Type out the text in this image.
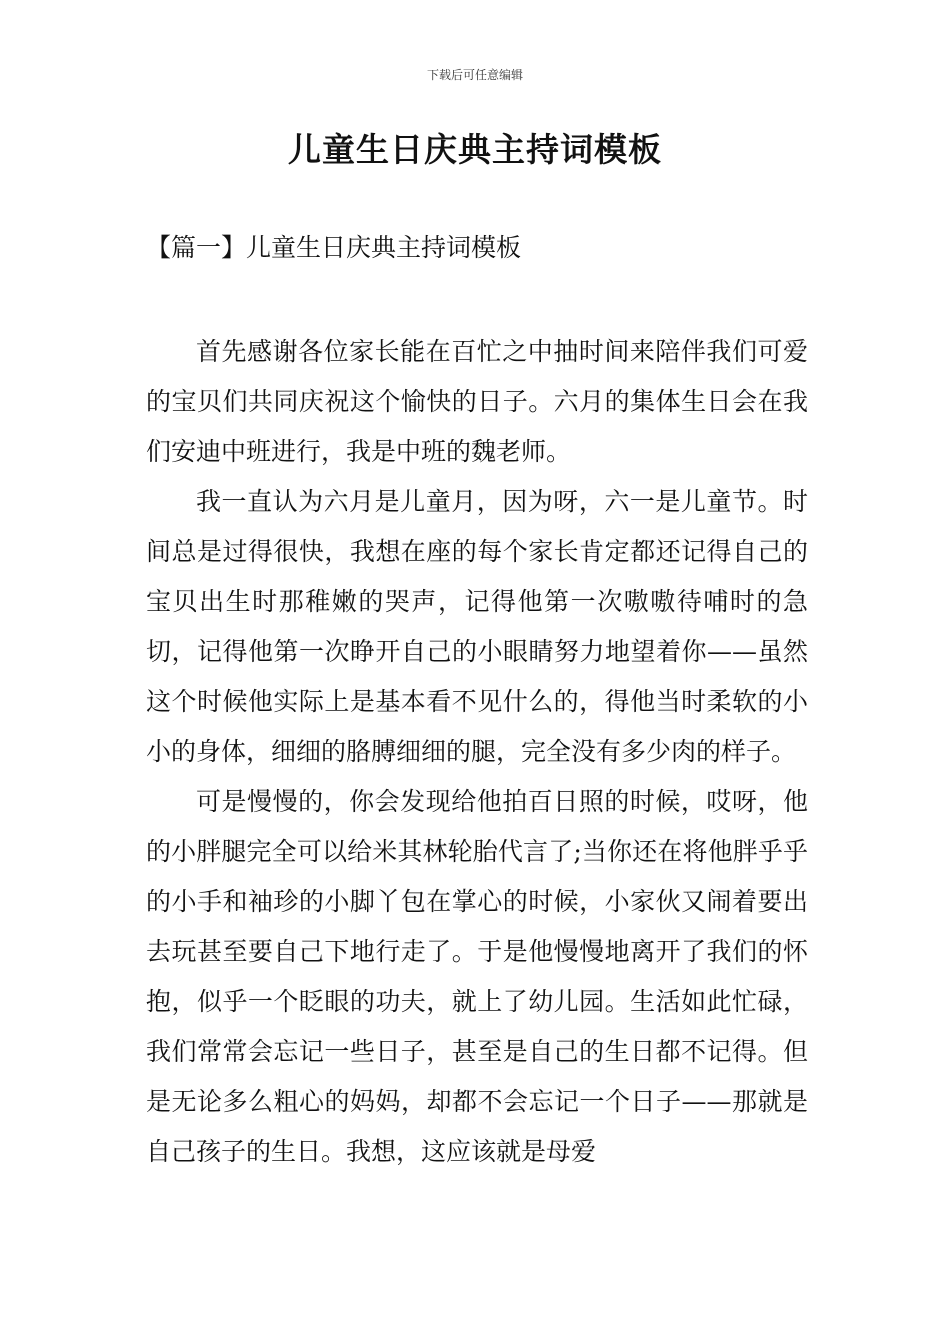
下载后可任意编辑
儿童生日庆典主持词模板
【篇一】儿童生日庆典主持词模板

首先感谢各位家长能在百忙之中抽时间来陪伴我们可爱的宝贝们共同庆祝这个愉快的日子。六月的集体生日会在我们安迪中班进行，我是中班的魏老师。

我一直认为六月是儿童月，因为呀，六一是儿童节。时间总是过得很快，我想在座的每个家长肯定都还记得自己的宝贝出生时那稚嫩的哭声，记得他第一次嗷嗷待哺时的急切，记得他第一次睁开自己的小眼睛努力地望着你——虽然这个时候他实际上是基本看不见什么的，得他当时柔软的小小的身体，细细的胳膊细细的腿，完全没有多少肉的样子。

可是慢慢的，你会发现给他拍百日照的时候，哎呀，他的小胖腿完全可以给米其林轮胎代言了;当你还在将他胖乎乎的小手和袖珍的小脚丫包在掌心的时候，小家伙又闹着要出去玩甚至要自己下地行走了。于是他慢慢地离开了我们的怀抱，似乎一个眨眼的功夫，就上了幼儿园。生活如此忙碌，我们常常会忘记一些日子，甚至是自己的生日都不记得。但是无论多么粗心的妈妈，却都不会忘记一个日子——那就是自己孩子的生日。我想，这应该就是母爱
